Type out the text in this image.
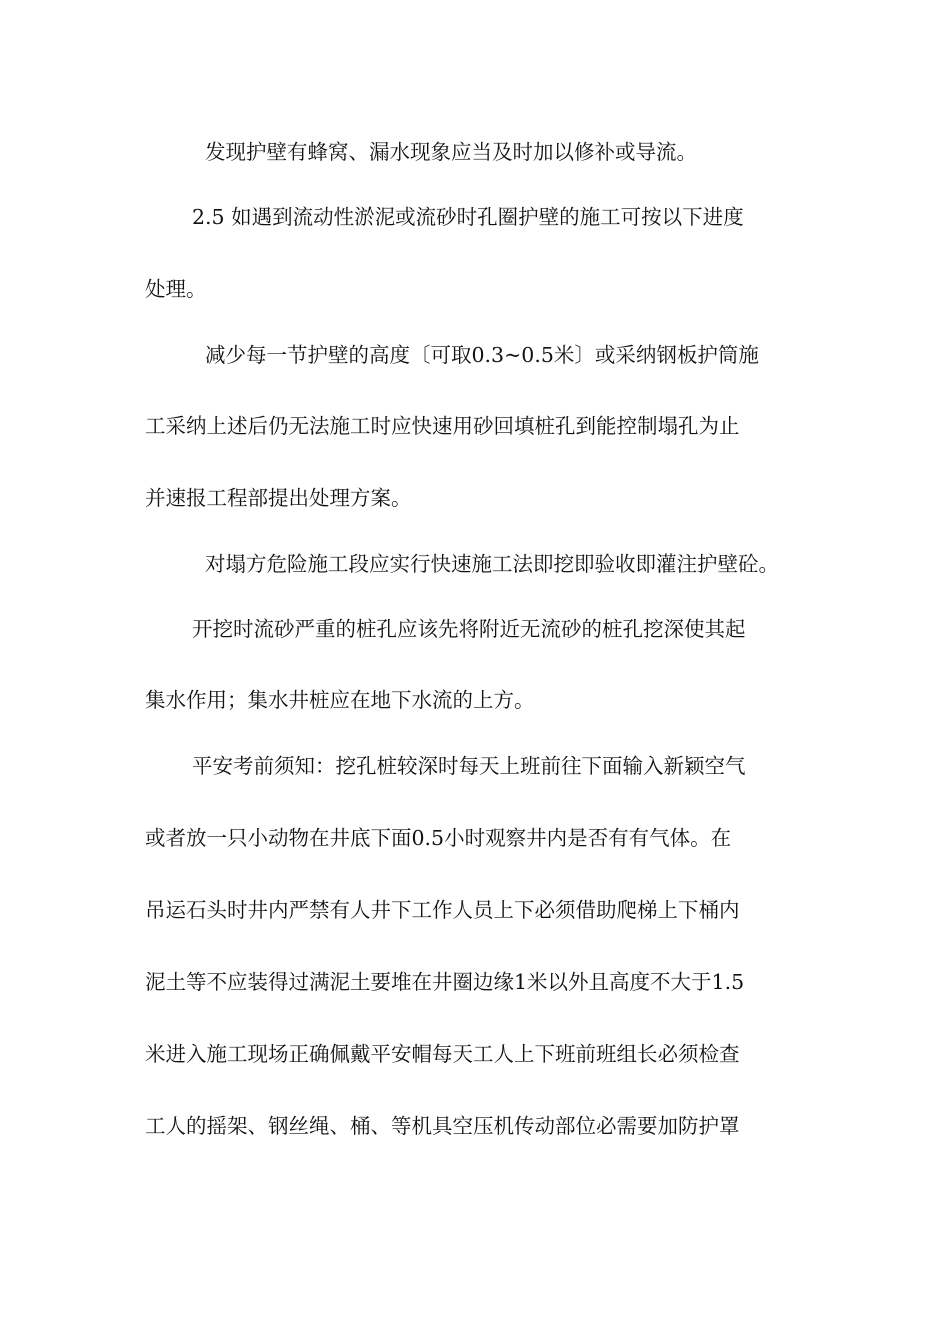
发现护壁有蜂窝、漏水现象应当及时加以修补或导流。
2.5 如遇到流动性淤泥或流砂时孔圈护壁的施工可按以下进度
处理。
减少每一节护壁的高度〔可取0.3~0.5米〕或采纳钢板护筒施
工采纳上述后仍无法施工时应快速用砂回填桩孔到能控制塌孔为止
并速报工程部提出处理方案。
对塌方危险施工段应实行快速施工法即挖即验收即灌注护壁砼。
开挖时流砂严重的桩孔应该先将附近无流砂的桩孔挖深使其起
集水作用；集水井桩应在地下水流的上方。
平安考前须知：挖孔桩较深时每天上班前往下面输入新颖空气
或者放一只小动物在井底下面0.5小时观察井内是否有有气体。在
吊运石头时井内严禁有人井下工作人员上下必须借助爬梯上下桶内
泥土等不应装得过满泥土要堆在井圈边缘1米以外且高度不大于1.5
米进入施工现场正确佩戴平安帽每天工人上下班前班组长必须检查
工人的摇架、钢丝绳、桶、等机具空压机传动部位必需要加防护罩
